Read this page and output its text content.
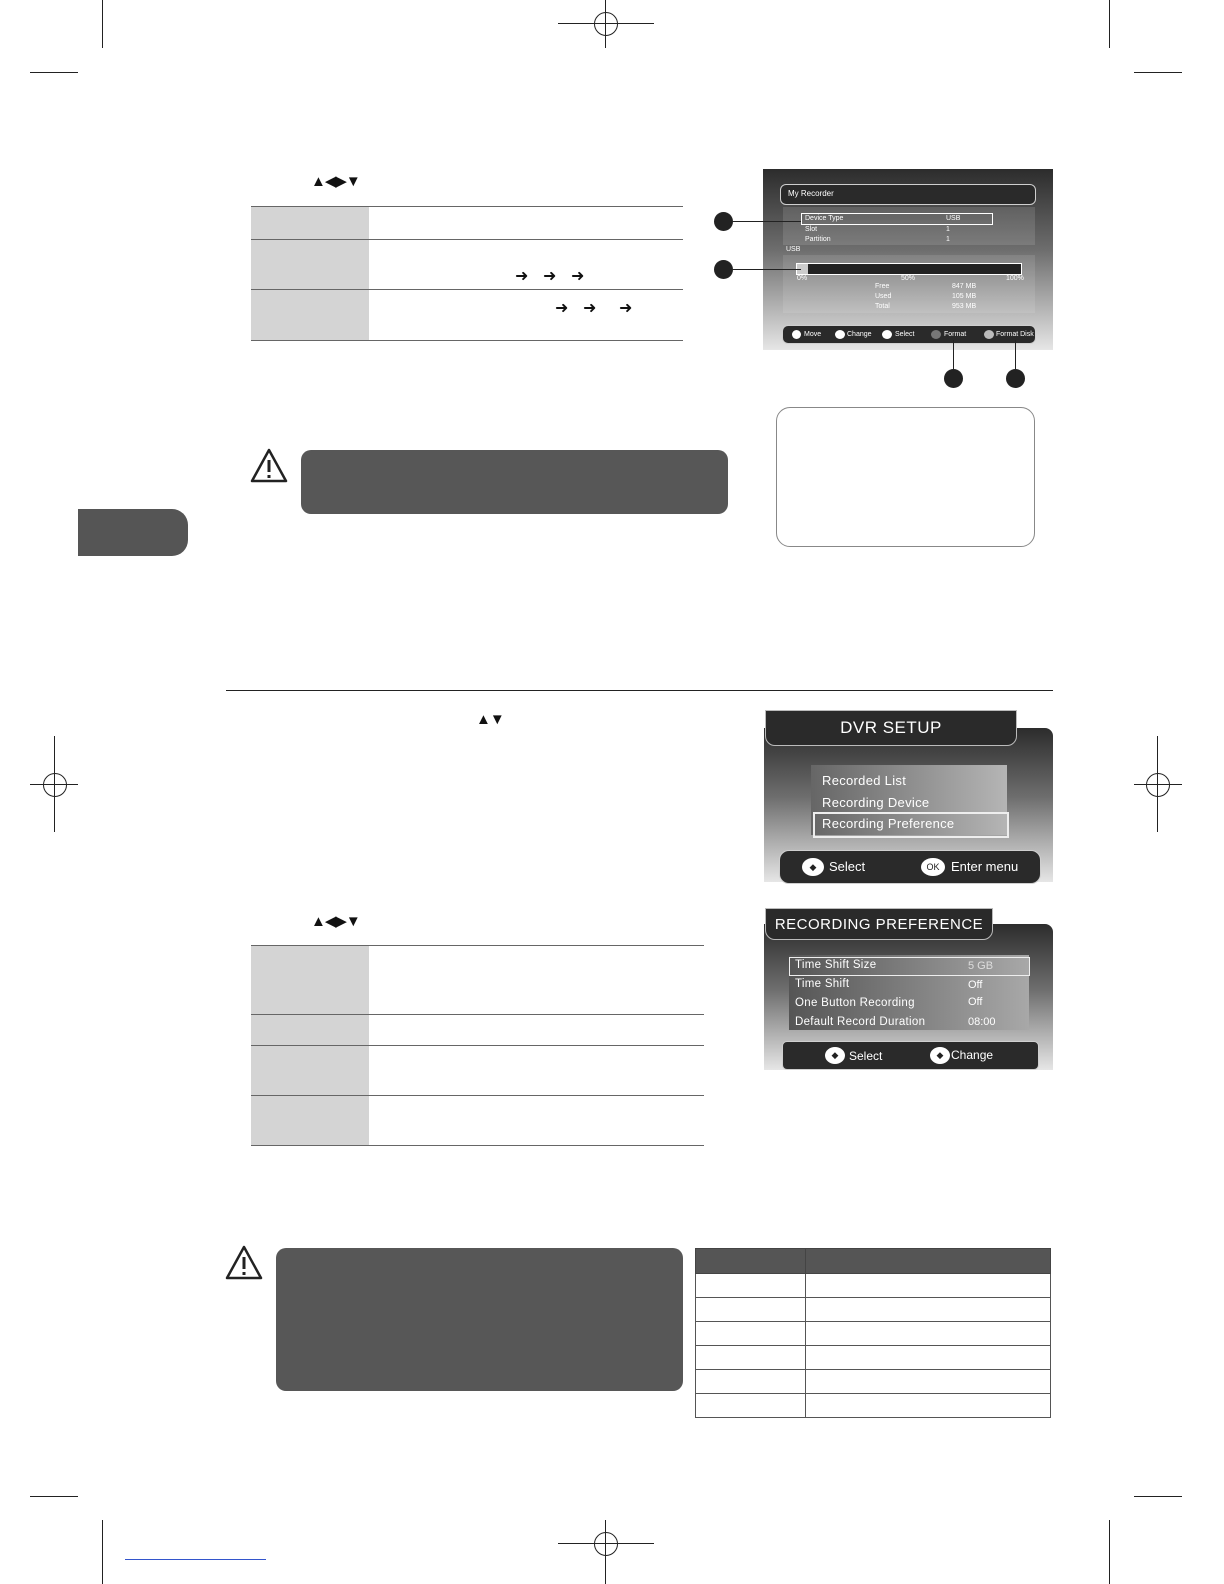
▲◀▶▼

	➜ ➜ ➜

	➜ ➜ ➜
My Recorder
Device Type	USB
Slot	1
Partition	1
USB
0%	50%	100%
Free	847 MB
Used	105 MB
Total	953 MB
Move	Change	Select	Format	Format Disk
▲▼	DVR SETUP
Recorded List
Recording Device
Recording Preference
◆ Select	OK Enter menu
▲◀▶▼

		RECORDING PREFERENCE
Time Shift Size	5 GB
Time Shift	Off
One Button Recording	Off
Default Record Duration	08:00
◆ Select	◆ Change
